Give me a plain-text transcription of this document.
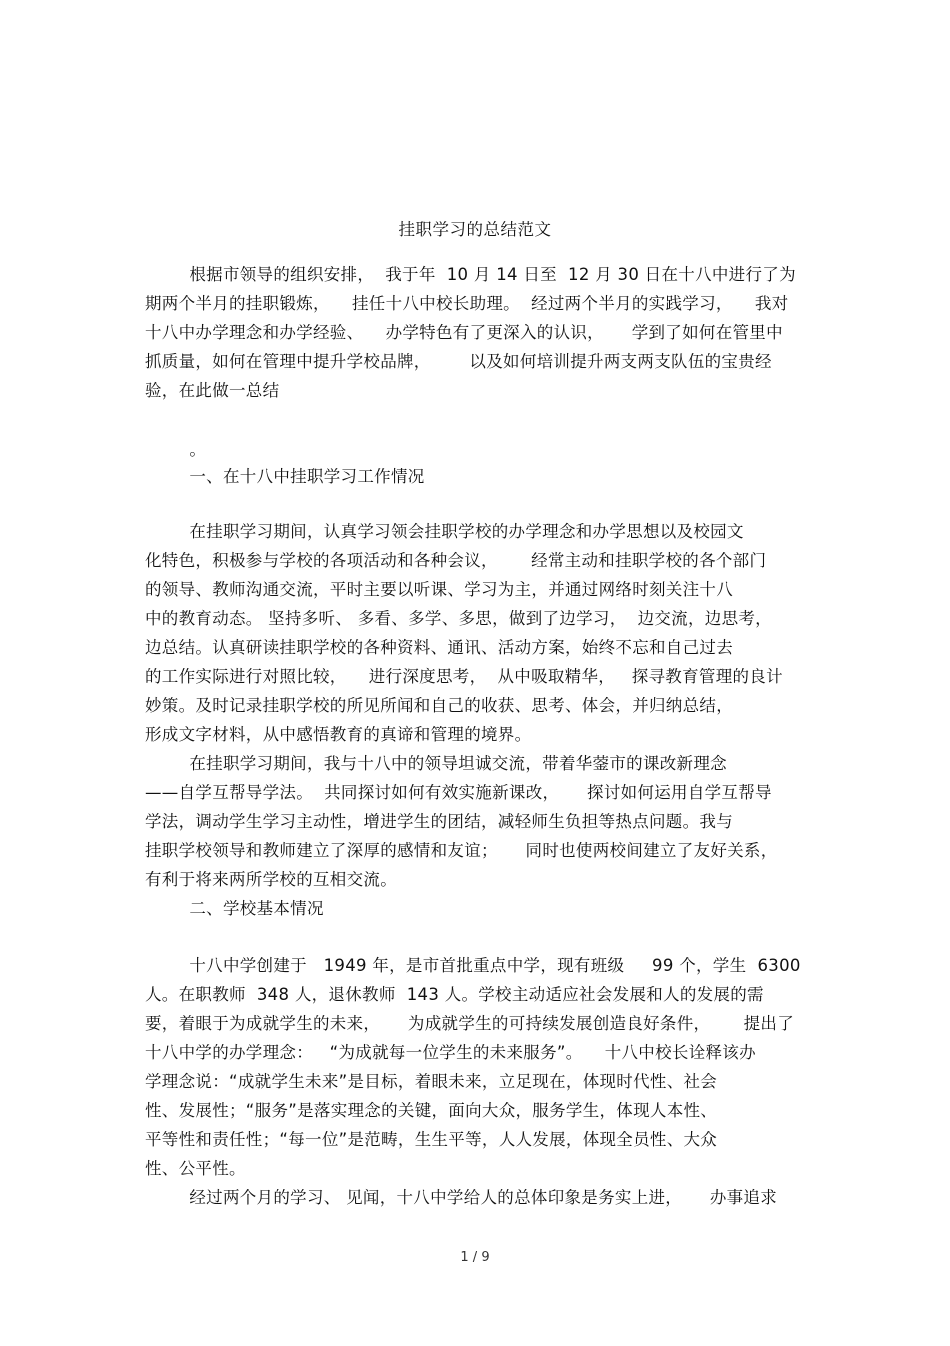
挂职学习的总结范文
根据市领导的组织安排，  我于年  10 月 14 日至  12 月 30 日在十八中进行了为
期两个半月的挂职锻炼，    挂任十八中校长助理。  经过两个半月的实践学习，    我对
十八中办学理念和办学经验、    办学特色有了更深入的认识，     学到了如何在管里中
抓质量，如何在管理中提升学校品牌，       以及如何培训提升两支两支队伍的宝贵经
验，在此做一总结
。
一、在十八中挂职学习工作情况
在挂职学习期间，认真学习领会挂职学校的办学理念和办学思想以及校园文
化特色，积极参与学校的各项活动和各种会议，      经常主动和挂职学校的各个部门
的领导、教师沟通交流，平时主要以听课、学习为主，并通过网络时刻关注十八
中的教育动态。 坚持多听、 多看、多学、多思，做到了边学习，  边交流，边思考，
边总结。认真研读挂职学校的各种资料、通讯、活动方案，始终不忘和自己过去
的工作实际进行对照比较，    进行深度思考，  从中吸取精华，   探寻教育管理的良计
妙策。及时记录挂职学校的所见所闻和自己的收获、思考、体会，并归纳总结，
形成文字材料，从中感悟教育的真谛和管理的境界。
在挂职学习期间，我与十八中的领导坦诚交流，带着华蓥市的课改新理念
——自学互帮导学法。  共同探讨如何有效实施新课改，     探讨如何运用自学互帮导
学法，调动学生学习主动性，增进学生的团结，减轻师生负担等热点问题。我与
挂职学校领导和教师建立了深厚的感情和友谊；     同时也使两校间建立了友好关系，
有利于将来两所学校的互相交流。
二、学校基本情况
十八中学创建于   1949 年，是市首批重点中学，现有班级     99 个，学生  6300
人。在职教师  348 人，退休教师  143 人。学校主动适应社会发展和人的发展的需
要，着眼于为成就学生的未来，     为成就学生的可持续发展创造良好条件，      提出了
十八中学的办学理念：   “为成就每一位学生的未来服务”。    十八中校长诠释该办
学理念说：“成就学生未来”是目标，着眼未来，立足现在，体现时代性、社会
性、发展性；“服务”是落实理念的关键，面向大众，服务学生，体现人本性、
平等性和责任性；“每一位”是范畴，生生平等，人人发展，体现全员性、大众
性、公平性。
经过两个月的学习、 见闻，十八中学给人的总体印象是务实上进，     办事追求
1 / 9
